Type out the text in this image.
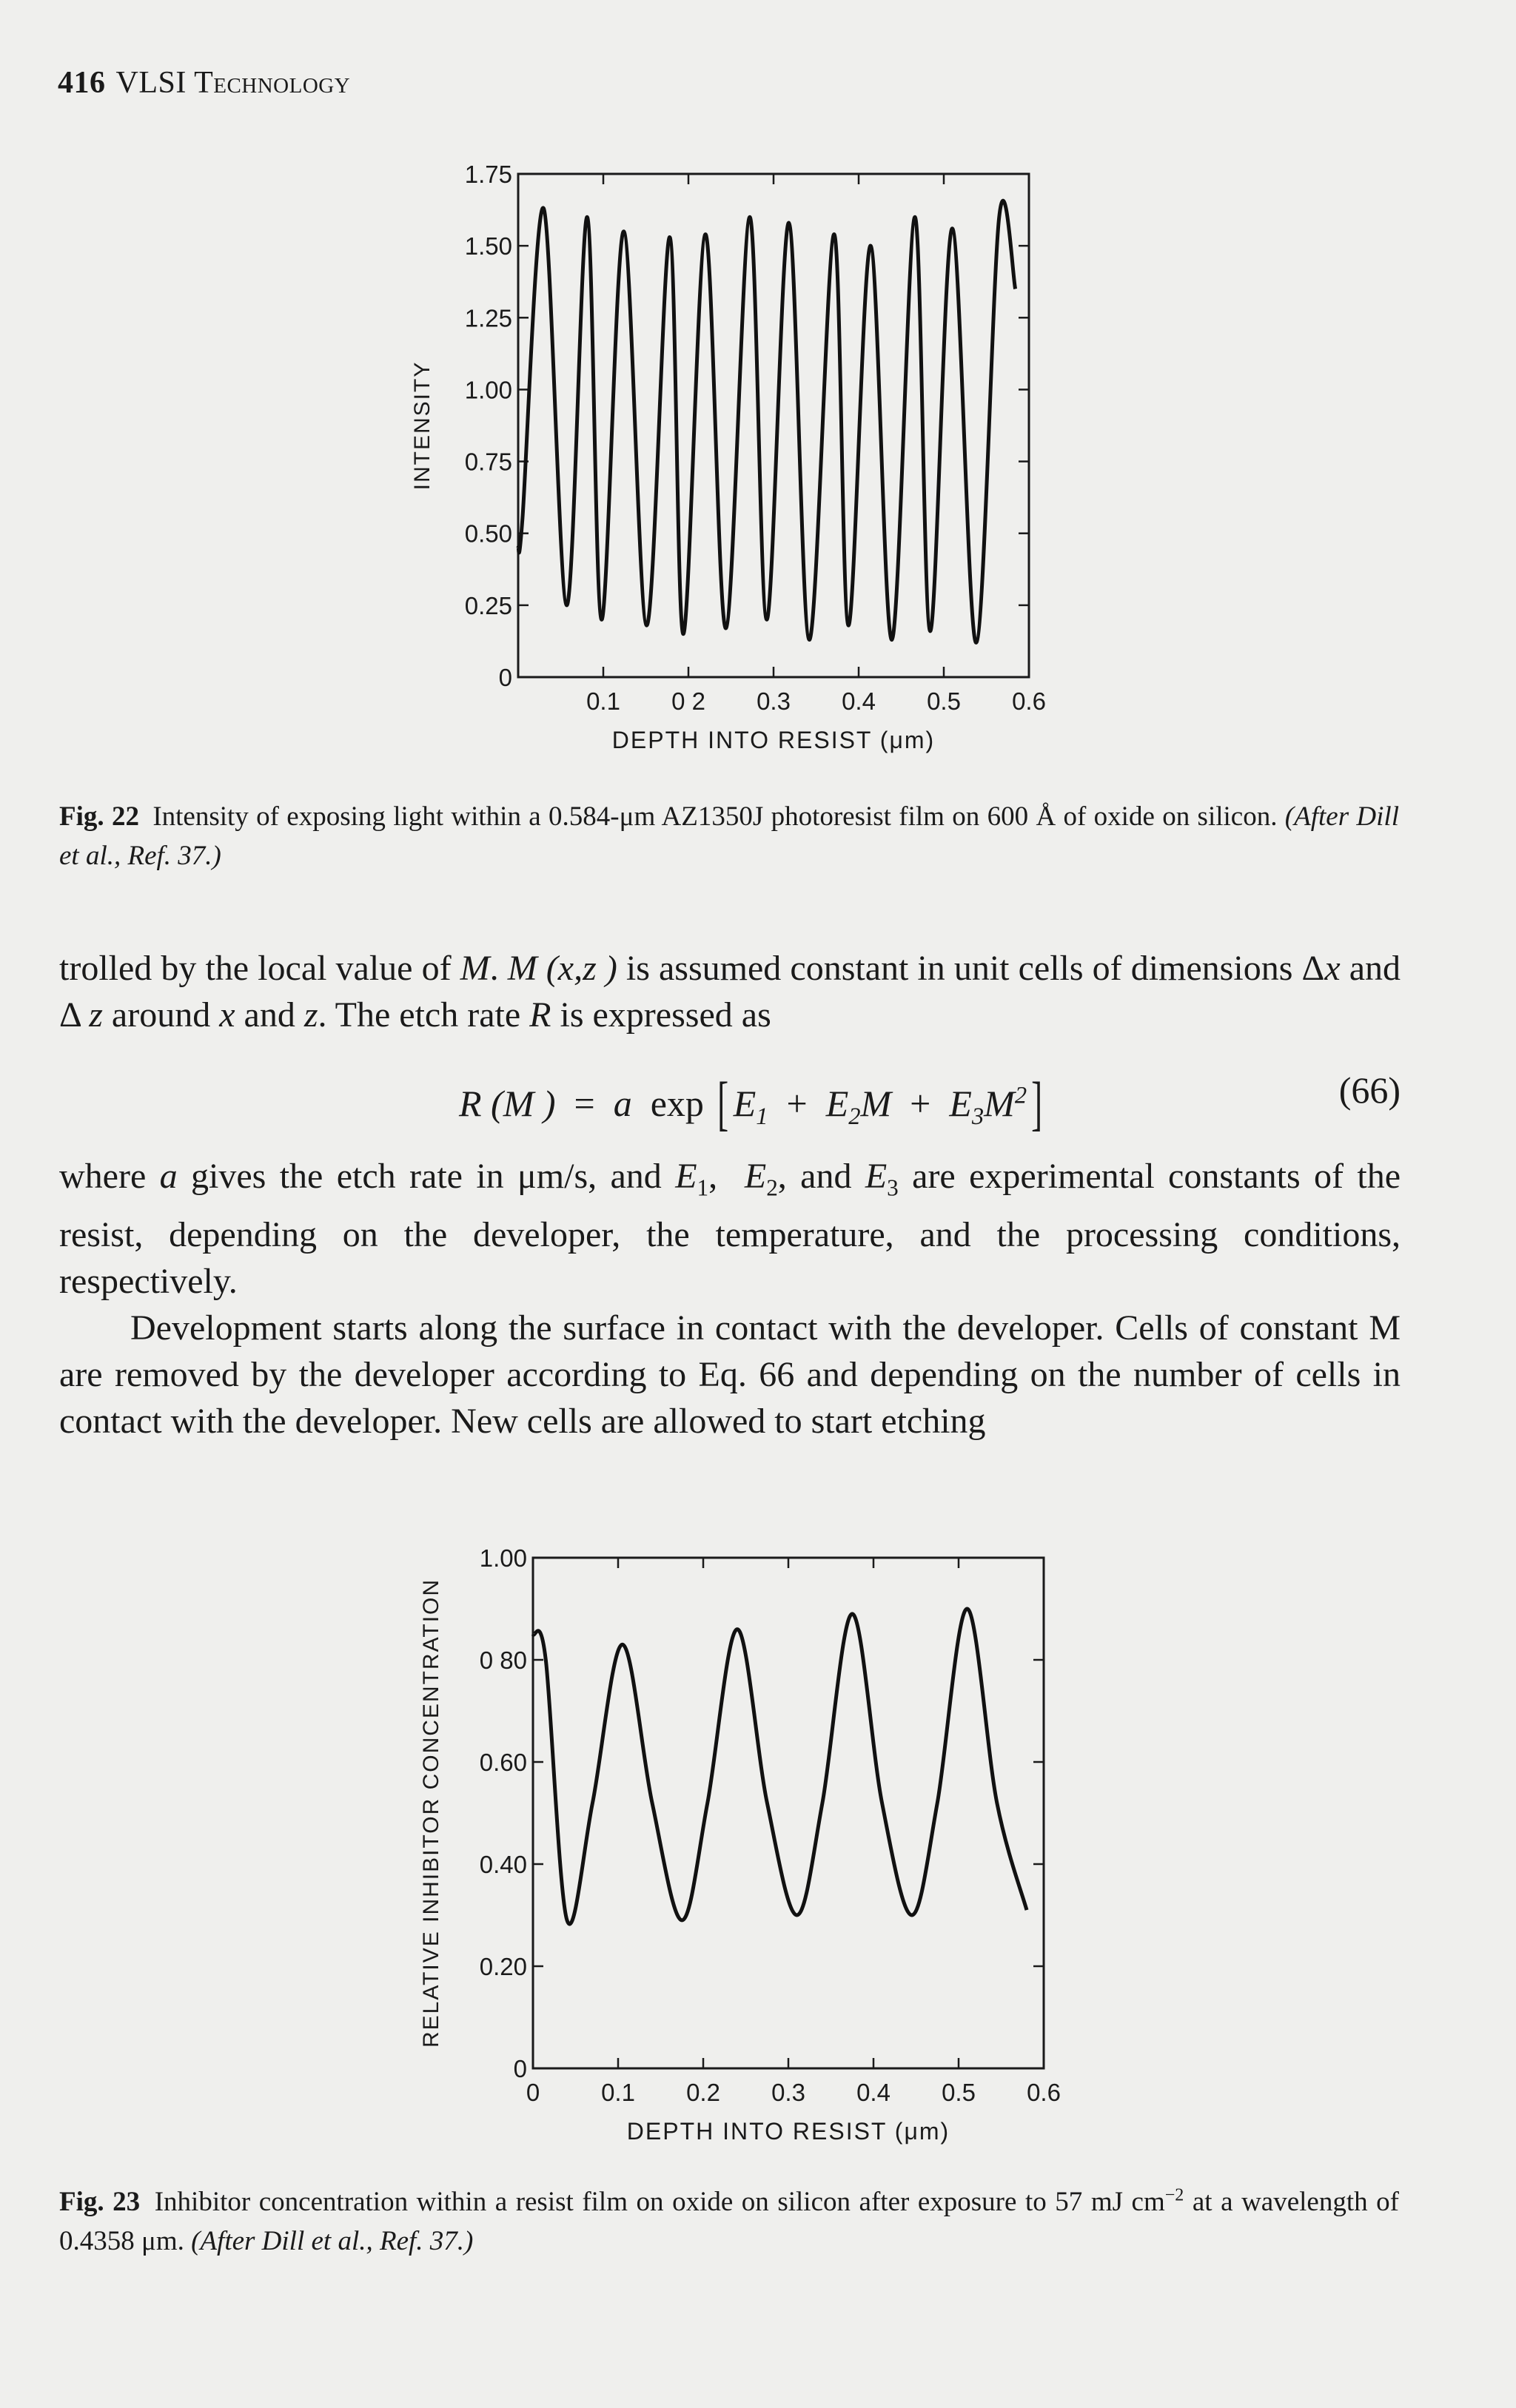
416 VLSI Technology
0
0.25
0.50
0.75
1.00
1.25
1.50
1.75
0.1 0 2 0.3 0.4 0.5 0.6
DEPTH INTO RESIST (μm)
INTENSITY
Fig. 22 Intensity of exposing light within a 0.584-μm AZ1350J photoresist film on 600 Å of oxide on silicon. (After Dill et al., Ref. 37.)

trolled by the local value of M. M (x,z ) is assumed constant in unit cells of dimensions Δx and Δ z around x and z. The etch rate R is expressed as

R (M )  =  a  exp [ $E_1 + E_2M + E_3M^2$]	(66)

where a gives the etch rate in μm/s, and $E_1$,  $E_2$, and $E_3$ are experimental constants of the resist, depending on the developer, the temperature, and the processing conditions, respectively.

Development starts along the surface in contact with the developer. Cells of constant M are removed by the developer according to Eq. 66 and depending on the number of cells in contact with the developer. New cells are allowed to start etching

0
0.20
0.40
0.60
0 80
1.00
0	0.1 0.2 0.3 0.4 0.5 0.6
DEPTH INTO RESIST (μm)
RELATIVE INHIBITOR CONCENTRATION
Fig. 23 Inhibitor concentration within a resist film on oxide on silicon after exposure to 57 mJ $cm^{-2}$ at a wavelength of 0.4358 μm. (After Dill et al., Ref. 37.)
